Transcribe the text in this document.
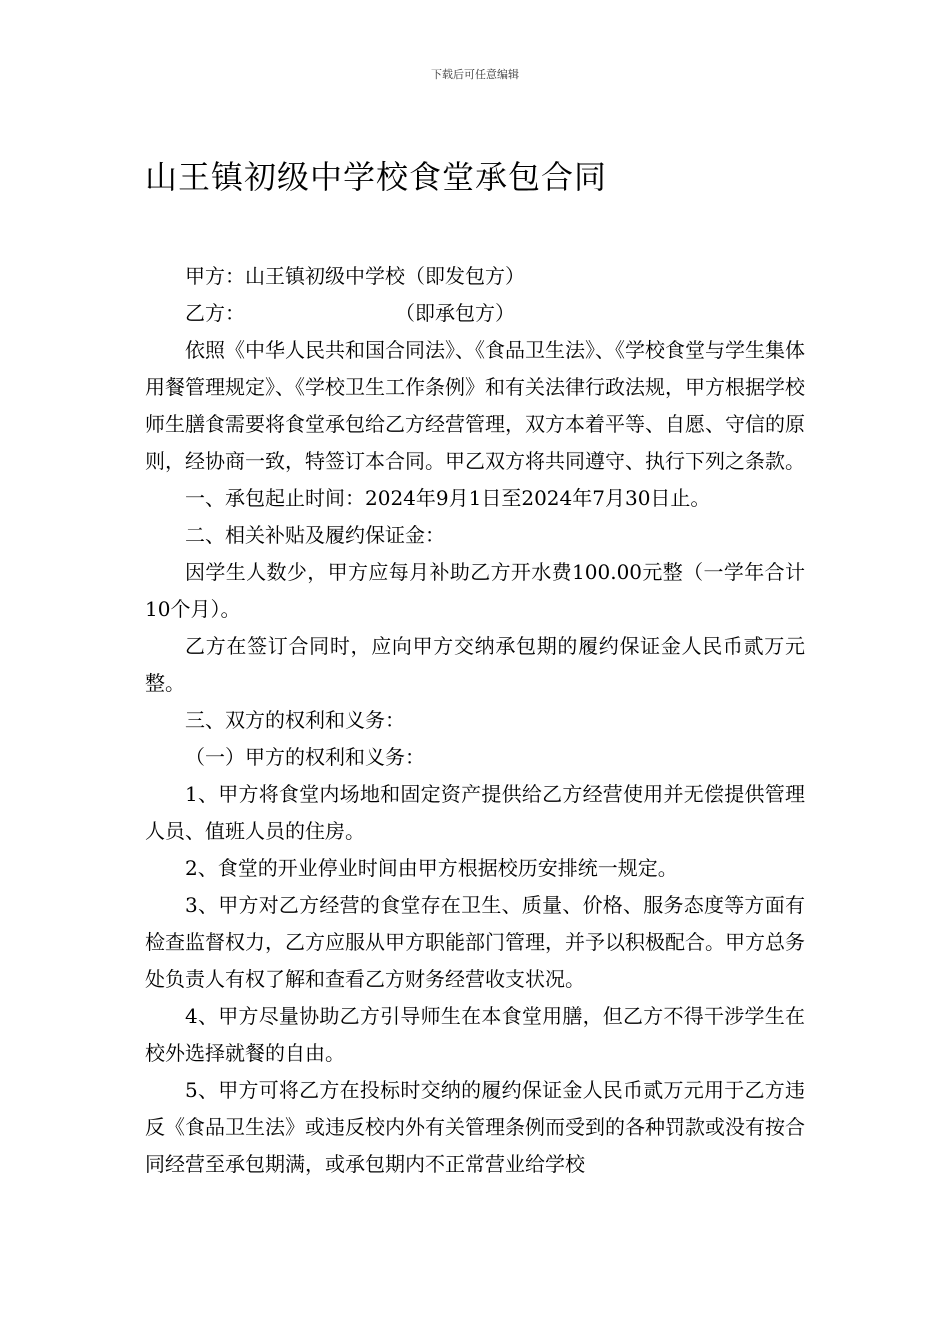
下载后可任意编辑
山王镇初级中学校食堂承包合同

甲方：山王镇初级中学校（即发包方）

乙方：	（即承包方）

依照《中华人民共和国合同法》、《食品卫生法》、《学校食堂与学生集体用餐管理规定》、《学校卫生工作条例》和有关法律行政法规，甲方根据学校师生膳食需要将食堂承包给乙方经营管理，双方本着平等、自愿、守信的原则，经协商一致，特签订本合同。甲乙双方将共同遵守、执行下列之条款。

一、承包起止时间：2024年9月1日至2024年7月30日止。

二、相关补贴及履约保证金：

因学生人数少，甲方应每月补助乙方开水费100.00元整（一学年合计10个月）。

乙方在签订合同时，应向甲方交纳承包期的履约保证金人民币贰万元整。

三、双方的权利和义务：

（一）甲方的权利和义务：

1、甲方将食堂内场地和固定资产提供给乙方经营使用并无偿提供管理人员、值班人员的住房。

2、食堂的开业停业时间由甲方根据校历安排统一规定。

3、甲方对乙方经营的食堂存在卫生、质量、价格、服务态度等方面有检查监督权力，乙方应服从甲方职能部门管理，并予以积极配合。甲方总务处负责人有权了解和查看乙方财务经营收支状况。

4、甲方尽量协助乙方引导师生在本食堂用膳，但乙方不得干涉学生在校外选择就餐的自由。

5、甲方可将乙方在投标时交纳的履约保证金人民币贰万元用于乙方违反《食品卫生法》或违反校内外有关管理条例而受到的各种罚款或没有按合同经营至承包期满，或承包期内不正常营业给学校
